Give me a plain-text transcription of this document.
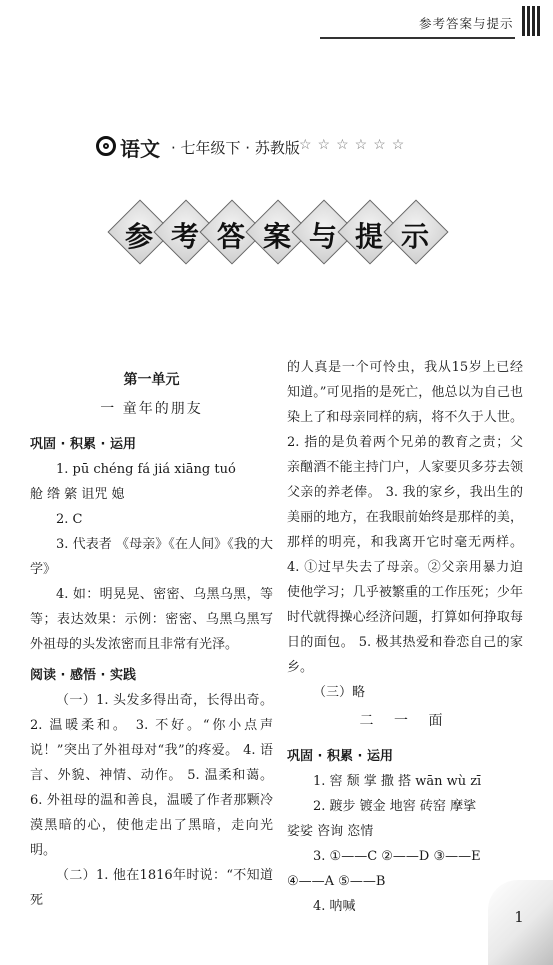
参考答案与提示
语文 · 七年级下 · 苏教版 ☆☆☆☆☆☆
参 考 答 案 与 提 示

第一单元

一 童年的朋友

巩固 · 积累 · 运用

1. pū chéng fá jiá xiāng tuó

舱 绺 綮 诅咒 媳

2. C

3. 代表者 《母亲》《在人间》《我的大学》

4. 如：明晃晃、密密、乌黑乌黑，等等；表达效果：示例：密密、乌黑乌黑写外祖母的头发浓密而且非常有光泽。

阅读 · 感悟 · 实践

（一）1. 头发多得出奇，长得出奇。 2. 温暖柔和。 3. 不好。“你小点声说！”突出了外祖母对“我”的疼爱。 4. 语言、外貌、神情、动作。 5. 温柔和蔼。 6. 外祖母的温和善良，温暖了作者那颗冷漠黑暗的心，使他走出了黑暗，走向光明。

（二）1. 他在1816年时说：“不知道死

的人真是一个可怜虫，我从15岁上已经知道。”可见指的是死亡，他总以为自己也染上了和母亲同样的病，将不久于人世。 2. 指的是负着两个兄弟的教育之责；父亲酗酒不能主持门户，人家要贝多芬去领父亲的养老俸。 3. 我的家乡，我出生的美丽的地方，在我眼前始终是那样的美，那样的明亮，和我离开它时毫无两样。 4. ①过早失去了母亲。②父亲用暴力迫使他学习；几乎被繁重的工作压死；少年时代就得操心经济问题，打算如何挣取每日的面包。 5. 极其热爱和眷恋自己的家乡。

（三）略

二 一 面

巩固 · 积累 · 运用

1. 窖 颓 掌 撒 搭 wān wù zī

2. 踱步 镀金 地窖 砖窑 摩挲

娑娑 咨询 恣情

3. ①——C ②——D ③——E

④——A ⑤——B

4. 呐喊

1
